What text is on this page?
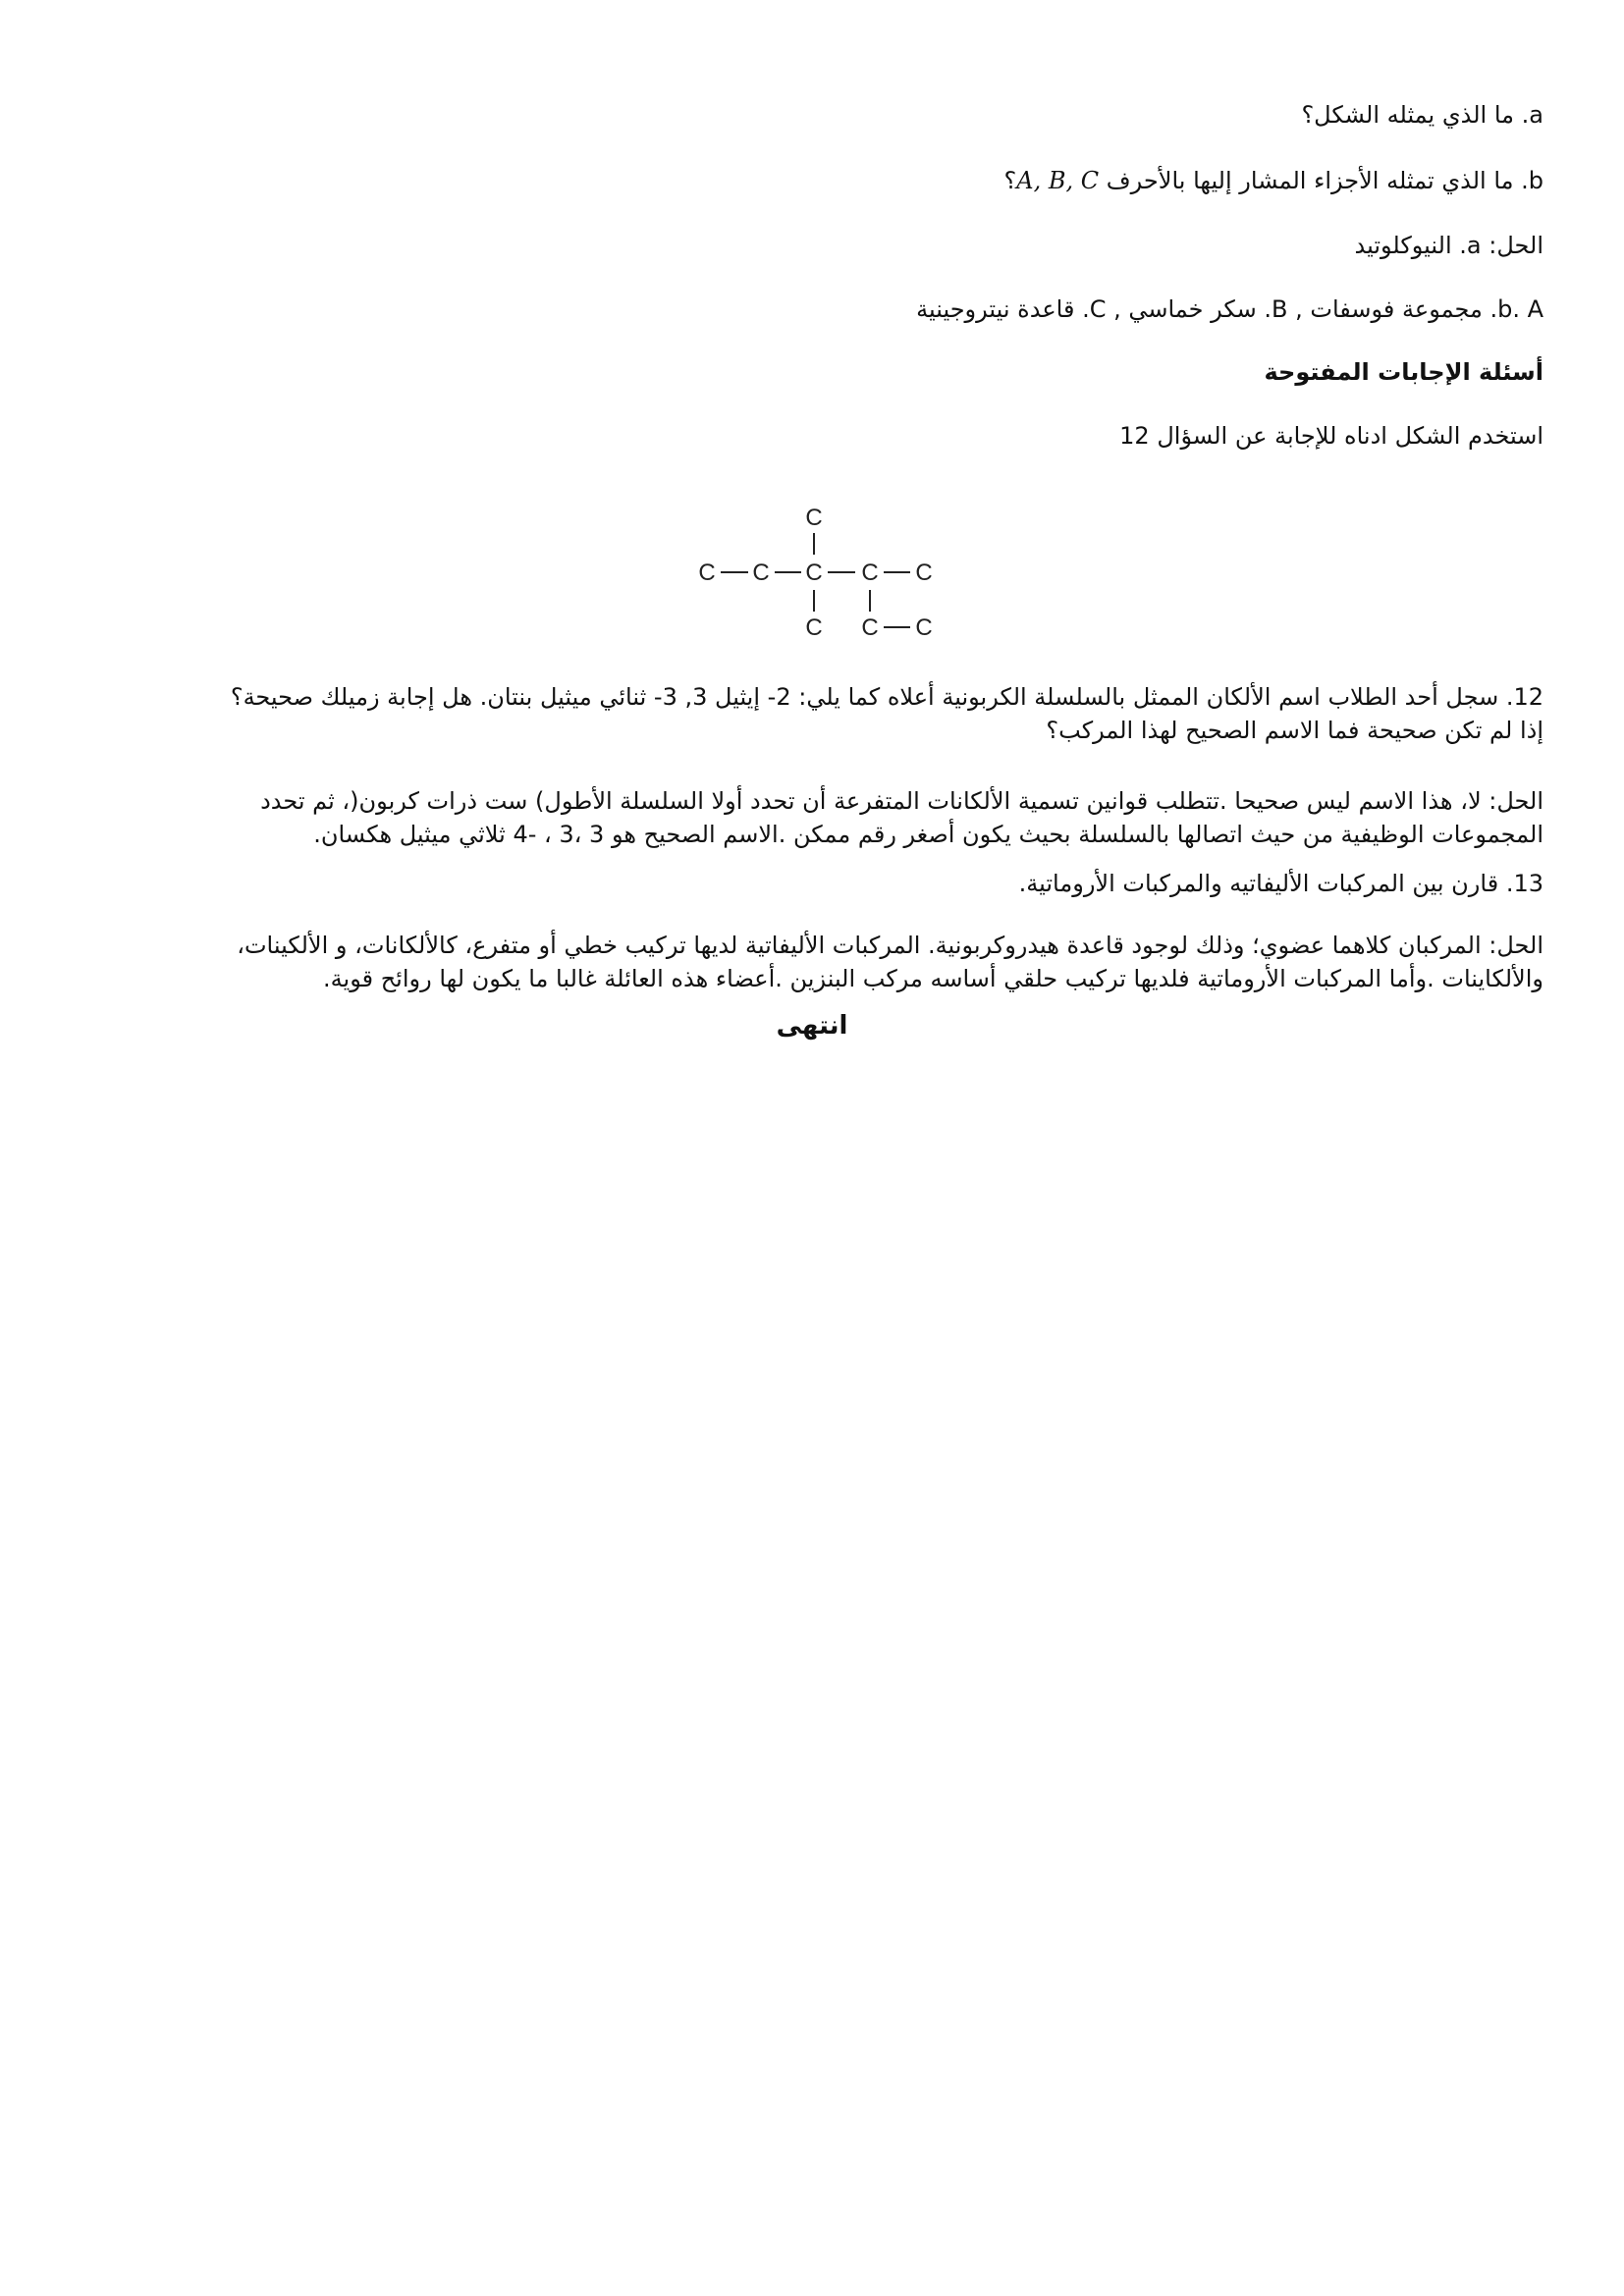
a. ما الذي يمثله الشكل؟
b. ما الذي تمثله الأجزاء المشار إليها بالأحرف A, B, C؟
الحل: a. النيوكلوتيد
b. A. مجموعة فوسفات , B. سكر خماسي , C. قاعدة نيتروجينية
أسئلة الإجابات المفتوحة
استخدم الشكل ادناه للإجابة عن السؤال 12
C
C C C C C
C C C
12. سجل أحد الطلاب اسم الألكان الممثل بالسلسلة الكربونية أعلاه كما يلي: 2- إيثيل 3, 3- ثنائي ميثيل بنتان. هل إجابة زميلك صحيحة؟
إذا لم تكن صحيحة فما الاسم الصحيح لهذا المركب؟
الحل: لا، هذا الاسم ليس صحيحا .تتطلب قوانين تسمية الألكانات المتفرعة أن تحدد أولا السلسلة الأطول) ست ذرات كربون(، ثم تحدد
المجموعات الوظيفية من حيث اتصالها بالسلسلة بحيث يكون أصغر رقم ممكن .الاسم الصحيح هو 3 ،3 ، -4 ثلاثي ميثيل هكسان.
13. قارن بين المركبات الأليفاتيه والمركبات الأروماتية.
الحل: المركبان كلاهما عضوي؛ وذلك لوجود قاعدة هيدروكربونية. المركبات الأليفاتية لديها تركيب خطي أو متفرع، كالألكانات، و الألكينات،
والألكاينات .وأما المركبات الأروماتية فلديها تركيب حلقي أساسه مركب البنزين .أعضاء هذه العائلة غالبا ما يكون لها روائح قوية.
انتهى
